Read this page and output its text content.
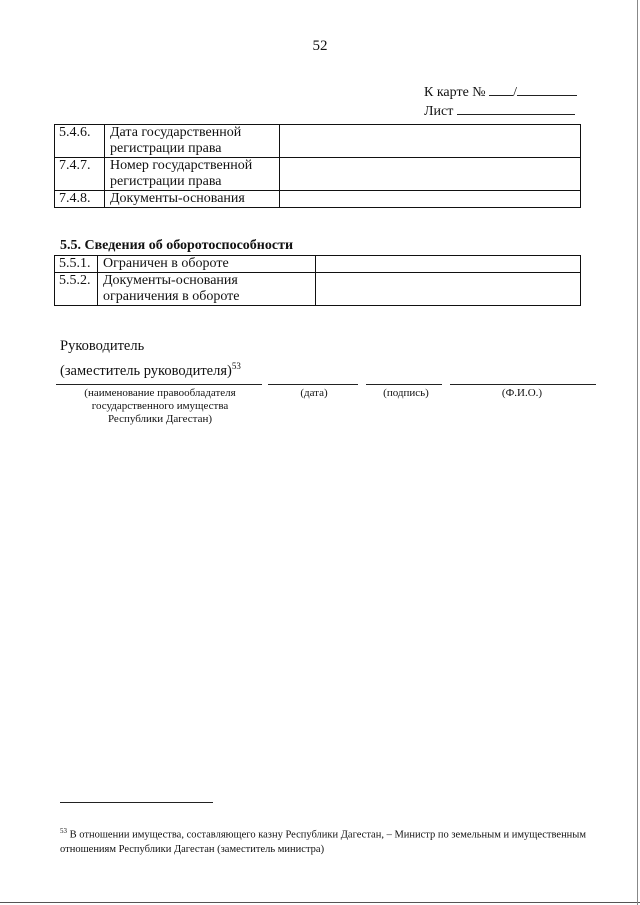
52
К карте № /
Лист
5.4.6.	Дата государственной регистрации права	
7.4.7.	Номер государственной регистрации права	
7.4.8.	Документы-основания	
5.5. Сведения об оборотоспособности
5.5.1.	Ограничен в обороте	
5.5.2.	Документы-основания ограничения в обороте	
Руководитель
(заместитель руководителя)$^{53}$
(наименование правообладателя государственного имущества Республики Дагестан)
(дата)	(подпись)	(Ф.И.О.)
$^{53}$ В отношении имущества, составляющего казну Республики Дагестан, – Министр по земельным и имущественным отношениям Республики Дагестан (заместитель министра)
